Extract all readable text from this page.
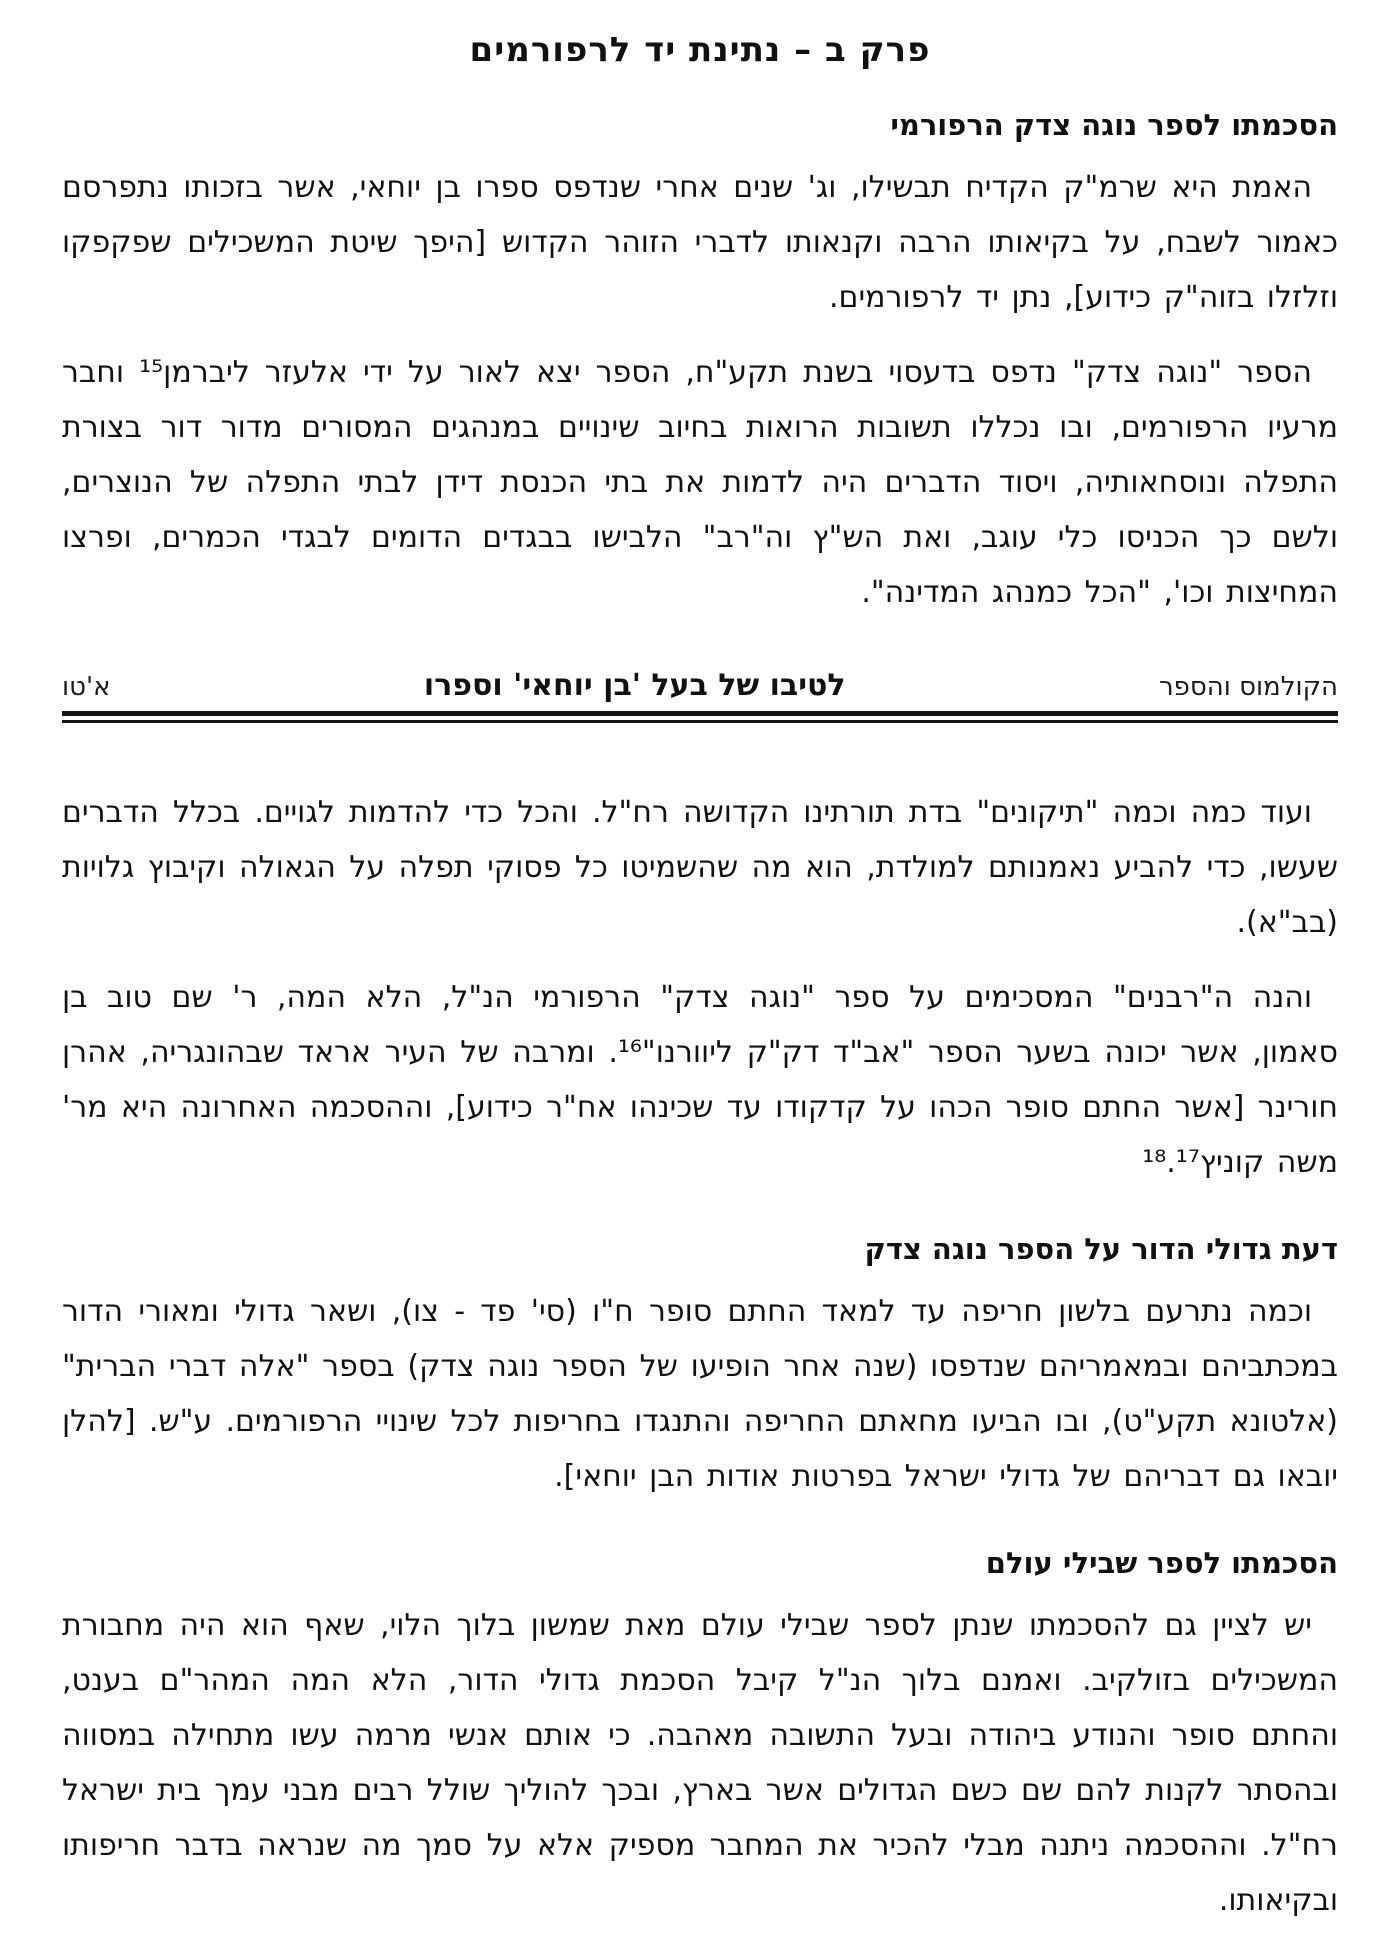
פרק ב – נתינת יד לרפורמים
הסכמתו לספר נוגה צדק הרפורמי

האמת היא שרמ"ק הקדיח תבשילו, וג' שנים אחרי שנדפס ספרו בן יוחאי, אשר בזכותו נתפרסם כאמור לשבח, על בקיאותו הרבה וקנאותו לדברי הזוהר הקדוש [היפך שיטת המשכילים שפקפקו וזלזלו בזוה"ק כידוע], נתן יד לרפורמים.

הספר "נוגה צדק" נדפס בדעסוי בשנת תקע"ח, הספר יצא לאור על ידי אלעזר ליברמן¹⁵ וחבר מרעיו הרפורמים, ובו נכללו תשובות הרואות בחיוב שינויים במנהגים המסורים מדור דור בצורת התפלה ונוסחאותיה, ויסוד הדברים היה לדמות את בתי הכנסת דידן לבתי התפלה של הנוצרים, ולשם כך הכניסו כלי עוגב, ואת הש"ץ וה"רב" הלבישו בבגדים הדומים לבגדי הכמרים, ופרצו המחיצות וכו', "הכל כמנהג המדינה".

הקולמוס והספר
לטיבו של בעל 'בן יוחאי' וספרו
א'טו

ועוד כמה וכמה "תיקונים" בדת תורתינו הקדושה רח"ל. והכל כדי להדמות לגויים. בכלל הדברים שעשו, כדי להביע נאמנותם למולדת, הוא מה שהשמיטו כל פסוקי תפלה על הגאולה וקיבוץ גלויות (בב"א).

והנה ה"רבנים" המסכימים על ספר "נוגה צדק" הרפורמי הנ"ל, הלא המה, ר' שם טוב בן סאמון, אשר יכונה בשער הספר "אב"ד דק"ק ליוורנו"¹⁶. ומרבה של העיר אראד שבהונגריה, אהרן חורינר [אשר החתם סופר הכהו על קדקודו עד שכינהו אח"ר כידוע], וההסכמה האחרונה היא מר' משה קוניץ¹⁷‏.‏¹⁸

דעת גדולי הדור על הספר נוגה צדק

וכמה נתרעם בלשון חריפה עד למאד החתם סופר ח"ו (סי' פד - צו), ושאר גדולי ומאורי הדור במכתביהם ובמאמריהם שנדפסו (שנה אחר הופיעו של הספר נוגה צדק) בספר "אלה דברי הברית" (אלטונא תקע"ט), ובו הביעו מחאתם החריפה והתנגדו בחריפות לכל שינויי הרפורמים. ע"ש. [להלן יובאו גם דבריהם של גדולי ישראל בפרטות אודות הבן יוחאי].

הסכמתו לספר שבילי עולם

יש לציין גם להסכמתו שנתן לספר שבילי עולם מאת שמשון בלוך הלוי, שאף הוא היה מחבורת המשכילים בזולקיב. ואמנם בלוך הנ"ל קיבל הסכמת גדולי הדור, הלא המה המהר"ם בענט, והחתם סופר והנודע ביהודה ובעל התשובה מאהבה. כי אותם אנשי מרמה עשו מתחילה במסווה ובהסתר לקנות להם שם כשם הגדולים אשר בארץ, ובכך להוליך שולל רבים מבני עמך בית ישראל רח"ל. וההסכמה ניתנה מבלי להכיר את המחבר מספיק אלא על סמך מה שנראה בדבר חריפותו ובקיאותו.
